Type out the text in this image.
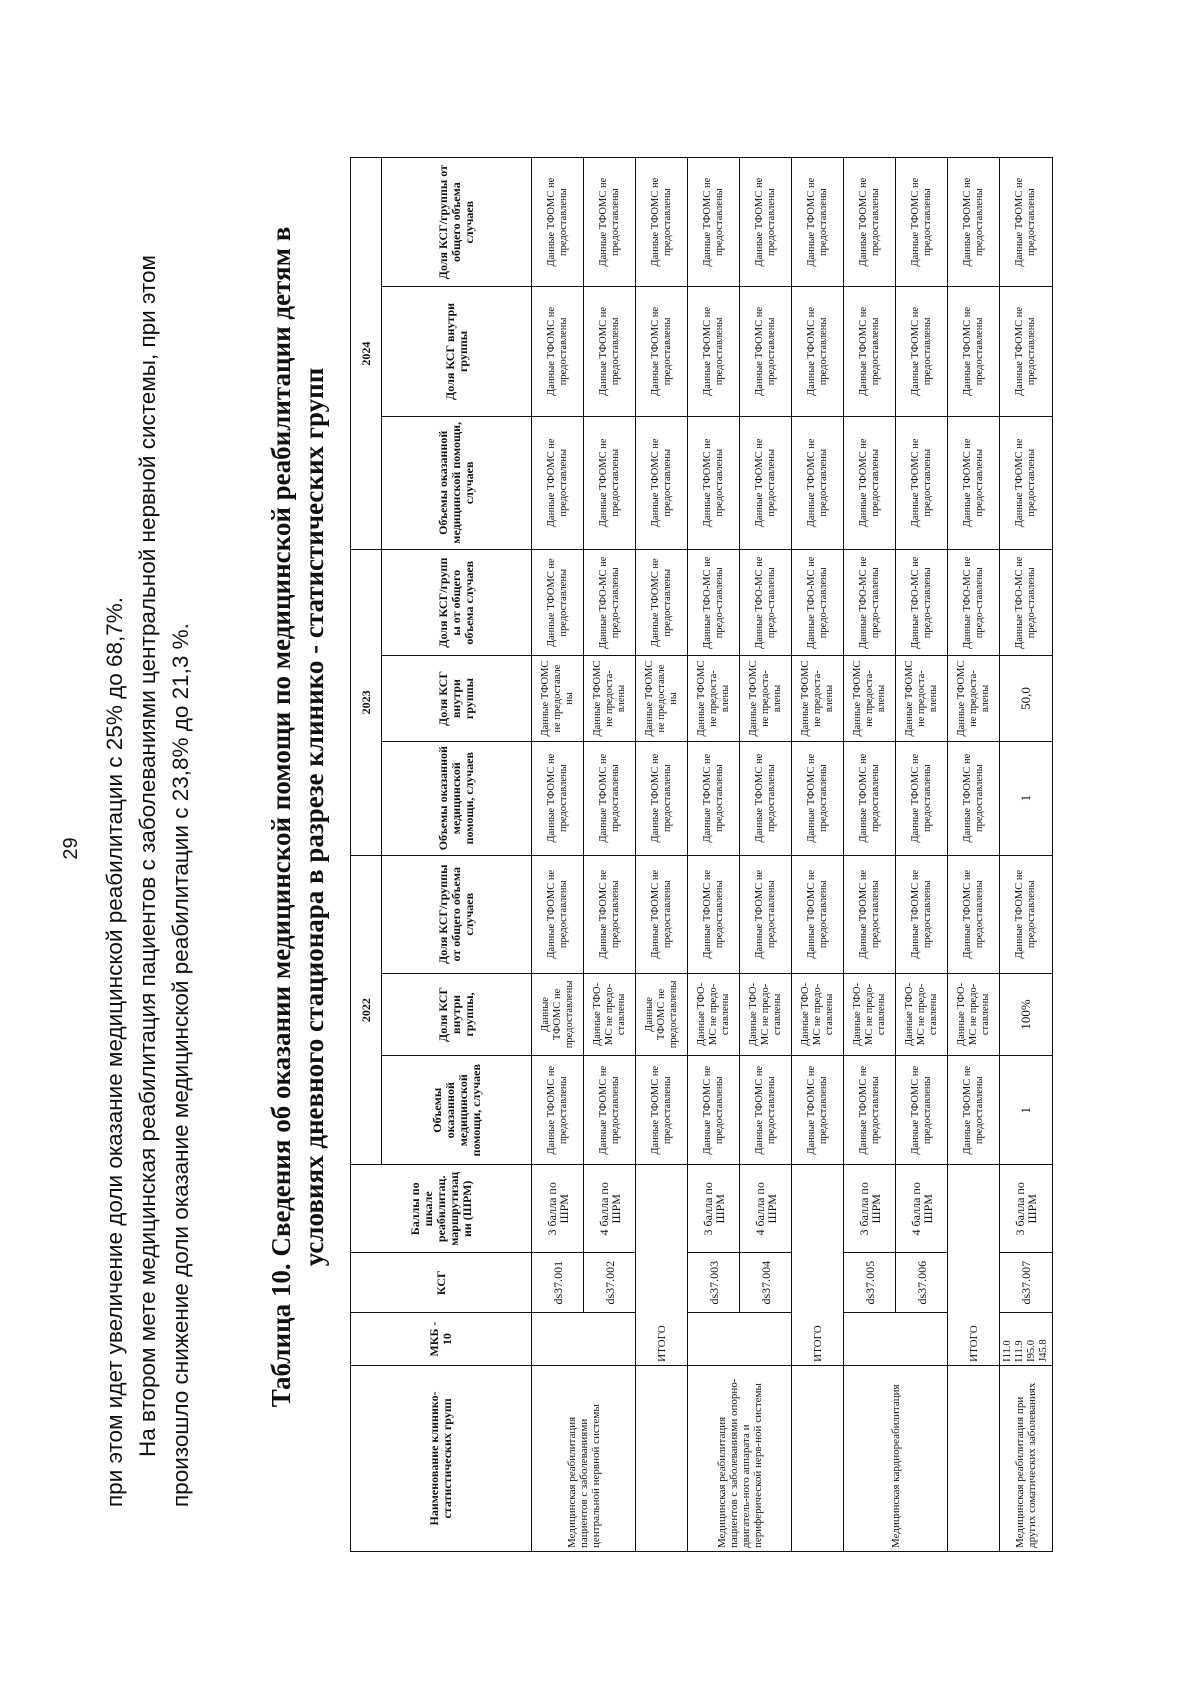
29 при этом идет увеличение доли оказание медицинской реабилитации с 25% до 68,7%. На втором мете медицинская реабилитация пациентов с заболеваниями центральной нервной системы, при этом произошло снижение доли оказание медицинской реабилитации с 23,8% до 21,3 %.	Таблица 10. Сведения об оказании медицинской помощи по медицинской реабилитации детям в условиях дневного стационара в разрезе клинико - статистических групп
Наименование клинико-статистических групп	МКБ - 10	КСГ	Баллы по шкале реабилитац. маршрутизации (ШРМ)	2022			2023			2024		
				Объемы оказанной медицинской помощи, случаев	Доля КСГ внутри группы,	Доля КСГ/группы от общего объема случаев	Объемы оказанной медицинской помощи, случаев	Доля КСГ внутри группы	Доля КСГ/групп ы от общего объема случаев	Объемы оказанной медицинской помощи, случаев	Доля КСГ внутри группы	Доля КСГ/группы от общего объема случаев
Медицинская реабилитация пациентов с заболеваниями центральной нервной системы		ds37.001	3 балла по ШРМ	Данные ТФОМС не предоставлены	Данные ТФОМС не предоставлены	Данные ТФОМС не предоставлены	Данные ТФОМС не предоставлены	Данные ТФОМС не предоставле ны	Данные ТФОМС не предоставлены	Данные ТФОМС не предоставлены	Данные ТФОМС не предоставлены	Данные ТФОМС не предоставлены
		ds37.002	4 балла по ШРМ	Данные ТФОМС не предоставлены	Данные ТФО-МС не предо-ставлены	Данные ТФОМС не предоставлены	Данные ТФОМС не предоставлены	Данные ТФОМС не предоста-влены	Данные ТФО-МС не предо-ставлены	Данные ТФОМС не предоставлены	Данные ТФОМС не предоставлены	Данные ТФОМС не предоставлены
	ИТОГО			Данные ТФОМС не предоставлены	Данные ТФОМС не предоставлены	Данные ТФОМС не предоставлены	Данные ТФОМС не предоставлены	Данные ТФОМС не предоставле ны	Данные ТФОМС не предоставлены	Данные ТФОМС не предоставлены	Данные ТФОМС не предоставлены	Данные ТФОМС не предоставлены
Медицинская реабилитация пациентов с заболеваниями опорно-двигатель-ного аппарата и периферической нерв-ной системы		ds37.003	3 балла по ШРМ	Данные ТФОМС не предоставлены	Данные ТФО-МС не предо-ставлены	Данные ТФОМС не предоставлены	Данные ТФОМС не предоставлены	Данные ТФОМС не предоста-влены	Данные ТФО-МС не предо-ставлены	Данные ТФОМС не предоставлены	Данные ТФОМС не предоставлены	Данные ТФОМС не предоставлены
		ds37.004	4 балла по ШРМ	Данные ТФОМС не предоставлены	Данные ТФО-МС не предо-ставлены	Данные ТФОМС не предоставлены	Данные ТФОМС не предоставлены	Данные ТФОМС не предоста-влены	Данные ТФО-МС не предо-ставлены	Данные ТФОМС не предоставлены	Данные ТФОМС не предоставлены	Данные ТФОМС не предоставлены
	ИТОГО			Данные ТФОМС не предоставлены	Данные ТФО-МС не предо-ставлены	Данные ТФОМС не предоставлены	Данные ТФОМС не предоставлены	Данные ТФОМС не предоста-влены	Данные ТФО-МС не предо-ставлены	Данные ТФОМС не предоставлены	Данные ТФОМС не предоставлены	Данные ТФОМС не предоставлены
Медицинская кардиореабилитация		ds37.005	3 балла по ШРМ	Данные ТФОМС не предоставлены	Данные ТФО-МС не предо-ставлены	Данные ТФОМС не предоставлены	Данные ТФОМС не предоставлены	Данные ТФОМС не предоста-влены	Данные ТФО-МС не предо-ставлены	Данные ТФОМС не предоставлены	Данные ТФОМС не предоставлены	Данные ТФОМС не предоставлены
		ds37.006	4 балла по ШРМ	Данные ТФОМС не предоставлены	Данные ТФО-МС не предо-ставлены	Данные ТФОМС не предоставлены	Данные ТФОМС не предоставлены	Данные ТФОМС не предоста-влены	Данные ТФО-МС не предо-ставлены	Данные ТФОМС не предоставлены	Данные ТФОМС не предоставлены	Данные ТФОМС не предоставлены
	ИТОГО			Данные ТФОМС не предоставлены	Данные ТФО-МС не предо-ставлены	Данные ТФОМС не предоставлены	Данные ТФОМС не предоставлены	Данные ТФОМС не предоста-влены	Данные ТФО-МС не предо-ставлены	Данные ТФОМС не предоставлены	Данные ТФОМС не предоставлены	Данные ТФОМС не предоставлены
Медицинская реабилитация при других соматических заболеваниях	I11.0 I11.9 I95.0 J45.8	ds37.007	3 балла по ШРМ	1	100%	Данные ТФОМС не предоставлены	1	50,0	Данные ТФО-МС не предо-ставлены	Данные ТФОМС не предоставлены	Данные ТФОМС не предоставлены	Данные ТФОМС не предоставлены
